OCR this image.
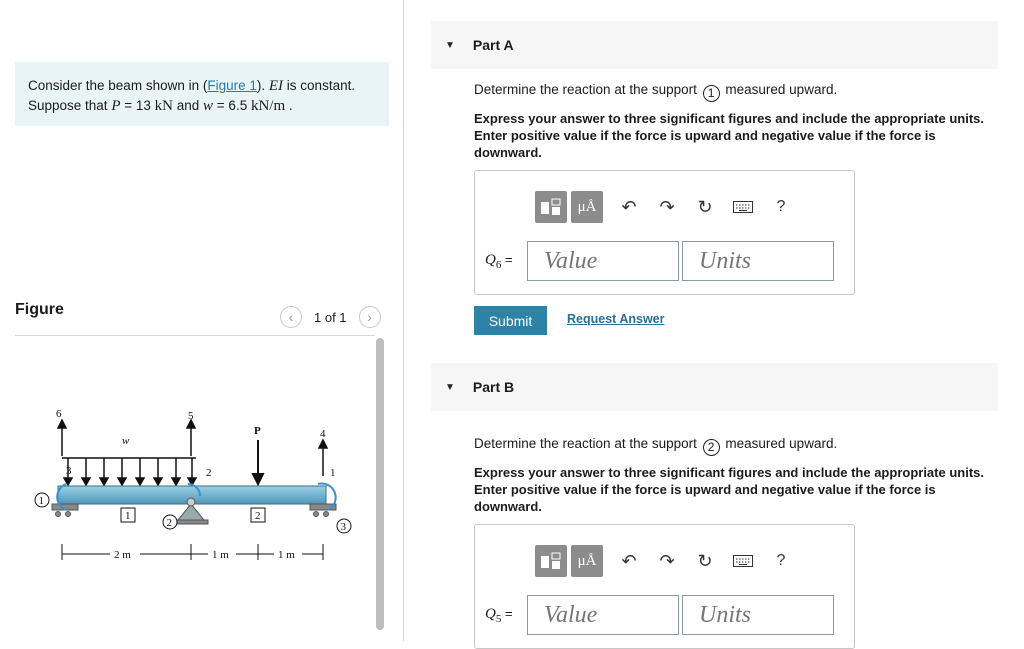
Consider the beam shown in (Figure 1). EI is constant.
Suppose that P = 13 kN and w = 6.5 kN/m .
Figure	‹ 1 of 1 ›
6	5
4
w
P
3	2	1
1
2	3
1	2
2 m	1 m	1 m
▼ Part A
Determine the reaction at the support 1 measured upward.
Express your answer to three significant figures and include the appropriate units. Enter positive value if the force is upward and negative value if the force is downward.
μÅ	↶	↷	↻	?
$Q_6$ =
Value
Units
Submit	Request Answer
▼ Part B
Determine the reaction at the support 2 measured upward.
Express your answer to three significant figures and include the appropriate units. Enter positive value if the force is upward and negative value if the force is downward.
μÅ	↶	↷	↻	?
$Q_5$ =
Value
Units
